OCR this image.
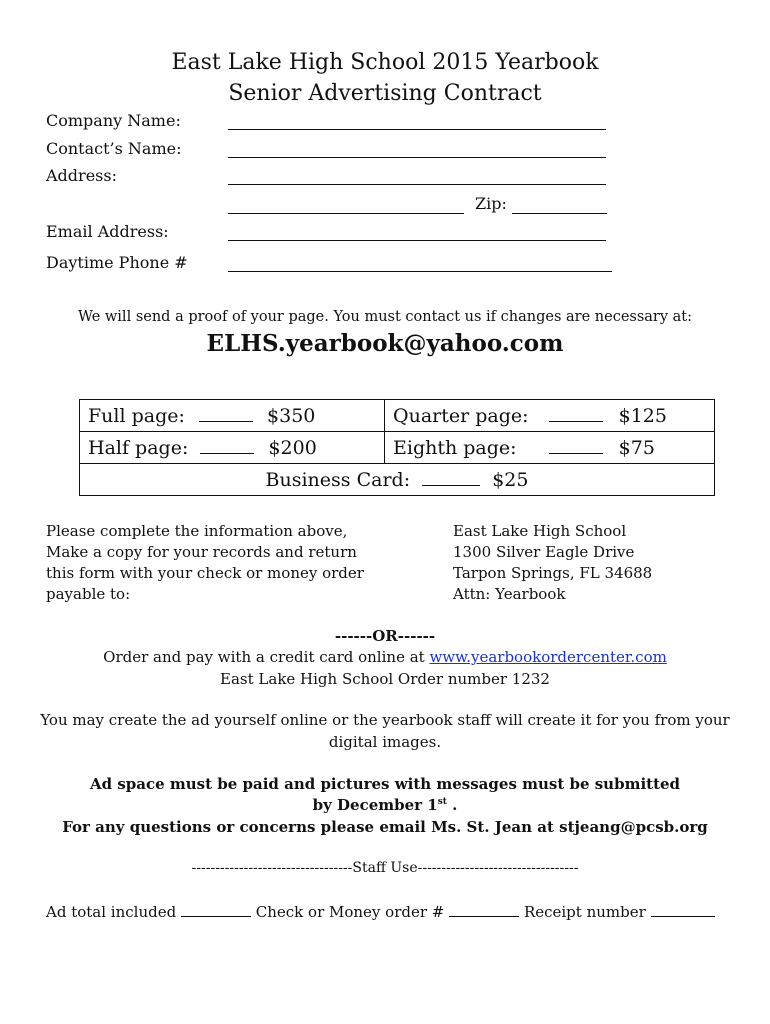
East Lake High School 2015 Yearbook
Senior Advertising Contract
Company Name:
Contact’s Name:
Address:
Zip:
Email Address:
Daytime Phone #
We will send a proof of your page. You must contact us if changes are necessary at:
ELHS.yearbook@yahoo.com
Full page: $350	Quarter page: $125
Half page: $200	Eighth page: $75
Business Card: $25	
Please complete the information above,
Make a copy for your records and return
this form with your check or money order
payable to:
East Lake High School
1300 Silver Eagle Drive
Tarpon Springs, FL 34688
Attn: Yearbook
------OR------
Order and pay with a credit card online at www.yearbookordercenter.com
East Lake High School Order number 1232
You may create the ad yourself online or the yearbook staff will create it for you from your
digital images.
Ad space must be paid and pictures with messages must be submitted
by December 1st .
For any questions or concerns please email Ms. St. Jean at stjeang@pcsb.org
----------------------------------Staff Use----------------------------------
Ad total included	Check or Money order #	Receipt number
